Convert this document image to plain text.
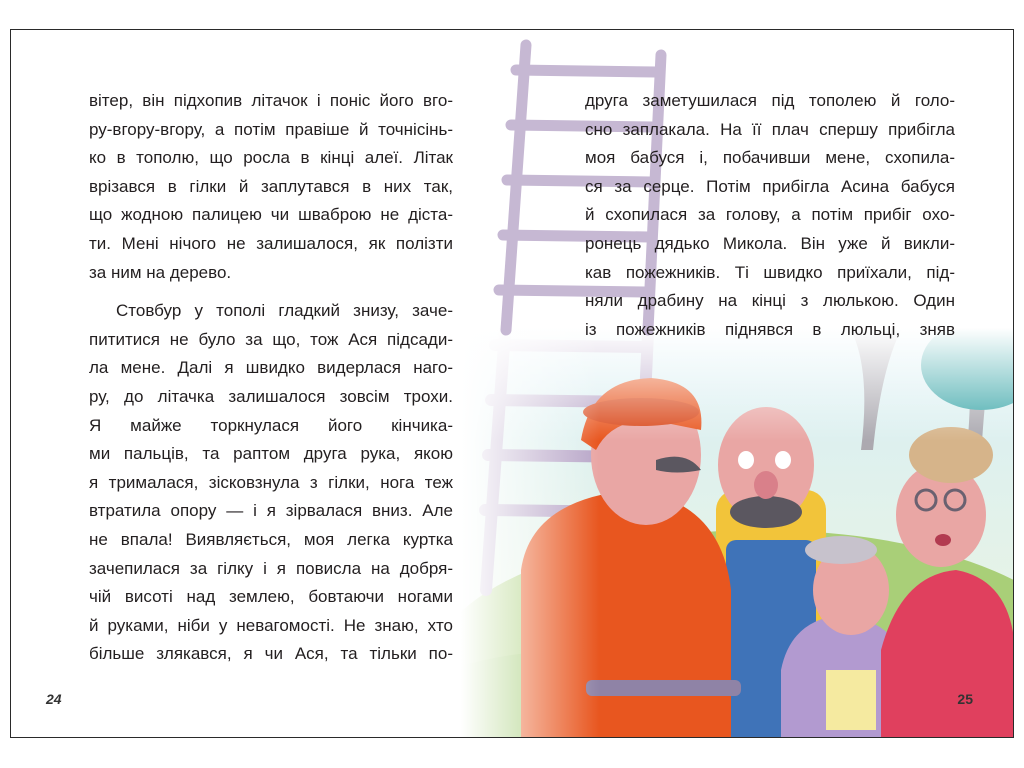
вітер, він підхопив літачок і поніс його вго-
ру-вгору-вгору, а потім правіше й точнісінь-
ко в тополю, що росла в кінці алеї. Літак
врізався в гілки й заплутався в них так,
що жодною палицею чи шваброю не діста-
ти. Мені нічого не залишалося, як полізти
за ним на дерево.

Стовбур у тополі гладкий знизу, заче-
пититися не було за що, тож Ася підсади-
ла мене. Далі я швидко видерлася наго-
ру, до літачка залишалося зовсім трохи.
Я майже торкнулася його кінчика-
ми пальців, та раптом друга рука, якою
я трималася, зісковзнула з гілки, нога теж
втратила опору — і я зірвалася вниз. Але
не впала! Виявляється, моя легка куртка
зачепилася за гілку і я повисла на добря-
чій висоті над землею, бовтаючи ногами
й руками, ніби у невагомості. Не знаю, хто
більше злякався, я чи Ася, та тільки по-

друга заметушилася під тополею й голо-
сно заплакала. На її плач спершу прибігла
моя бабуся і, побачивши мене, схопила-
ся за серце. Потім прибігла Асина бабуся
й схопилася за голову, а потім прибіг охо-
ронець дядько Микола. Він уже й викли-
кав пожежників. Ті швидко приїхали, під-
няли драбину на кінці з люлькою. Один
із пожежників піднявся в люльці, зняв

24	25
